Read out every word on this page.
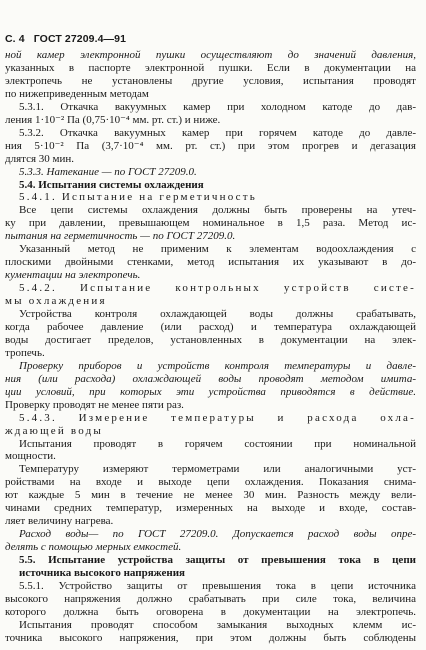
С. 4 ГОСТ 27209.4—91
ной камер электронной пушки осуществляют до значений давления,
указанных в паспорте электронной пушки. Если в документации на
электропечь не установлены другие условия, испытания проводят
по нижеприведенным методам
5.3.1. Откачка вакуумных камер при холодном катоде до дав-
ления 1·10⁻² Па (0,75·10⁻⁴ мм. рт. ст.) и ниже.
5.3.2. Откачка вакуумных камер при горячем катоде до давле-
ния 5·10⁻² Па (3,7·10⁻⁴ мм. рт. ст.) при этом прогрев и дегазация
длятся 30 мин.
5.3.3. Натекание — по ГОСТ 27209.0.
5.4. Испытания системы охлаждения
5.4.1. Испытание на герметичность
Все цепи системы охлаждения должны быть проверены на утеч-
ку при давлении, превышающем номинальное в 1,5 раза. Метод ис-
пытания на герметичность — по ГОСТ 27209.0.
Указанный метод не применим к элементам водоохлаждения с
плоскими двойными стенками, метод испытания их указывают в до-
кументации на электропечь.
5.4.2. Испытание контрольных устройств систе-
мы охлаждения
Устройства контроля охлаждающей воды должны срабатывать,
когда рабочее давление (или расход) и температура охлаждающей
воды достигает пределов, установленных в документации на элек-
тропечь.
Проверку приборов и устройств контроля температуры и давле-
ния (или расхода) охлаждающей воды проводят методом имита-
ции условий, при которых эти устройства приводятся в действие.
Проверку проводят не менее пяти раз.
5.4.3. Измерение температуры и расхода охла-
ждающей воды
Испытания проводят в горячем состоянии при номинальной
мощности.
Температуру измеряют термометрами или аналогичными уст-
ройствами на входе и выходе цепи охлаждения. Показания снима-
ют каждые 5 мин в течение не менее 30 мин. Разность между вели-
чинами средних температур, измеренных на выходе и входе, состав-
ляет величину нагрева.
Расход воды— по ГОСТ 27209.0. Допускается расход воды опре-
делять с помощью мерных емкостей.
5.5. Испытание устройства защиты от превышения тока в цепи
источника высокого напряжения
5.5.1. Устройство защиты от превышения тока в цепи источника
высокого напряжения должно срабатывать при силе тока, величина
которого должна быть оговорена в документации на электропечь.
Испытания проводят способом замыкания выходных клемм ис-
точника высокого напряжения, при этом должны быть соблюдены
